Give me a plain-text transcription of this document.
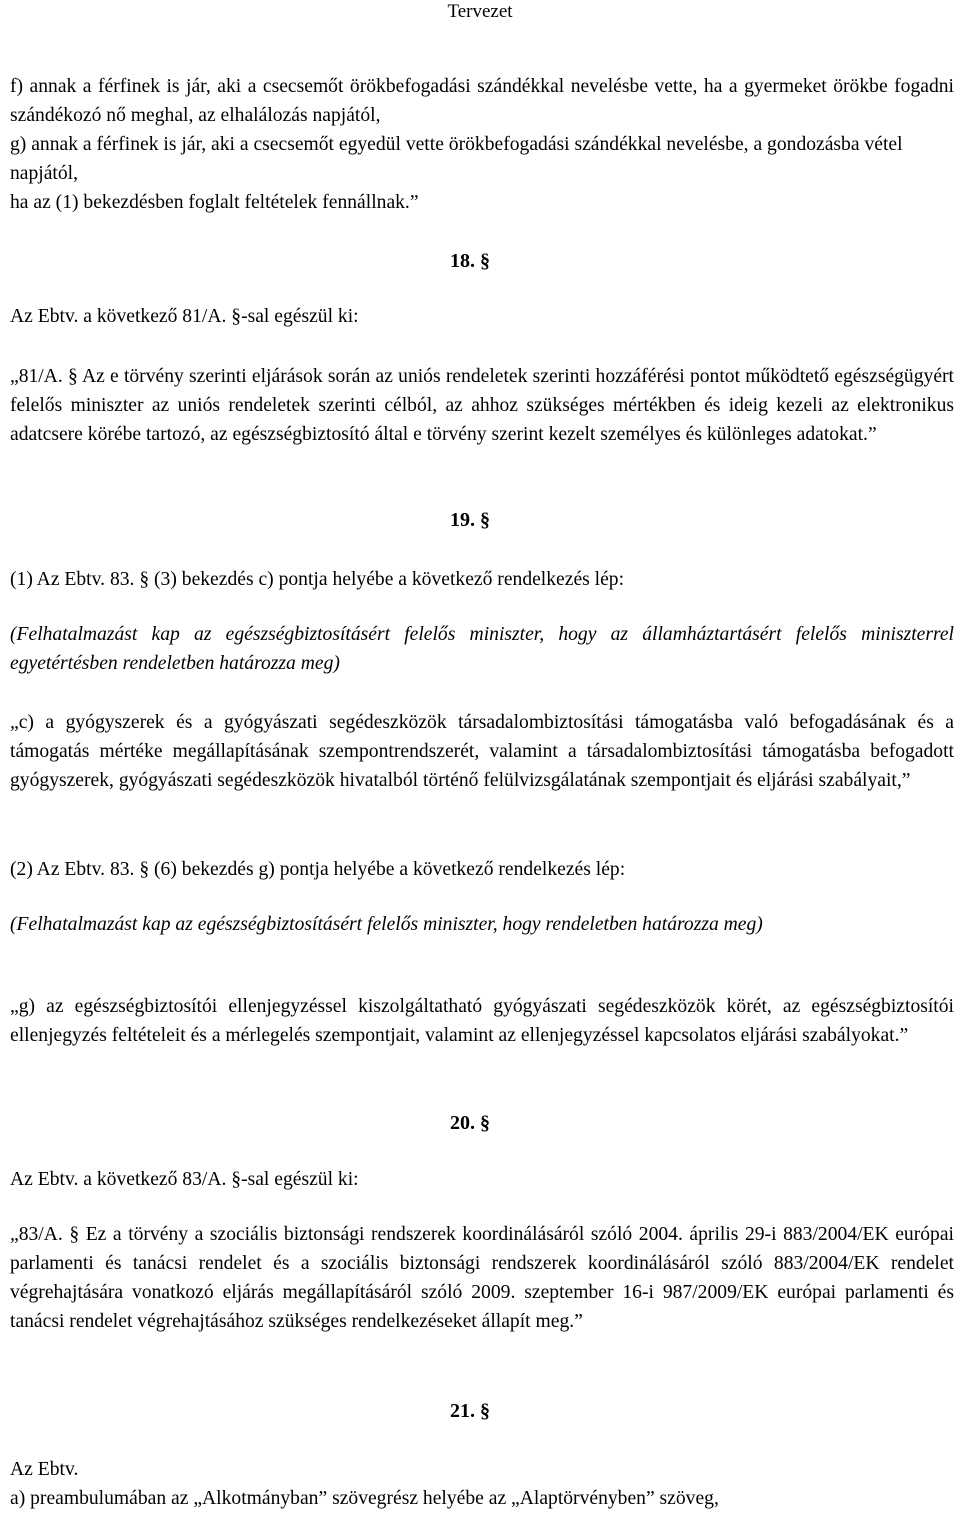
Tervezet
f) annak a férfinek is jár, aki a csecsemőt örökbefogadási szándékkal nevelésbe vette, ha a gyermeket örökbe fogadni szándékozó nő meghal, az elhalálozás napjától,
g) annak a férfinek is jár, aki a csecsemőt egyedül vette örökbefogadási szándékkal nevelésbe, a gondozásba vétel napjától,
ha az (1) bekezdésben foglalt feltételek fennállnak.”
18. §
Az Ebtv. a következő 81/A. §-sal egészül ki:
„81/A. § Az e törvény szerinti eljárások során az uniós rendeletek szerinti hozzáférési pontot működtető egészségügyért felelős miniszter az uniós rendeletek szerinti célból, az ahhoz szükséges mértékben és ideig kezeli az elektronikus adatcsere körébe tartozó, az egészségbiztosító által e törvény szerint kezelt személyes és különleges adatokat.”
19. §
(1) Az Ebtv. 83. § (3) bekezdés c) pontja helyébe a következő rendelkezés lép:
(Felhatalmazást kap az egészségbiztosításért felelős miniszter, hogy az államháztartásért felelős miniszterrel egyetértésben rendeletben határozza meg)
„c) a gyógyszerek és a gyógyászati segédeszközök társadalombiztosítási támogatásba való befogadásának és a támogatás mértéke megállapításának szempontrendszerét, valamint a társadalombiztosítási támogatásba befogadott gyógyszerek, gyógyászati segédeszközök hivatalból történő felülvizsgálatának szempontjait és eljárási szabályait,”
(2) Az Ebtv. 83. § (6) bekezdés g) pontja helyébe a következő rendelkezés lép:
(Felhatalmazást kap az egészségbiztosításért felelős miniszter, hogy rendeletben határozza meg)
„g) az egészségbiztosítói ellenjegyzéssel kiszolgáltatható gyógyászati segédeszközök körét, az egészségbiztosítói ellenjegyzés feltételeit és a mérlegelés szempontjait, valamint az ellenjegyzéssel kapcsolatos eljárási szabályokat.”
20. §
Az Ebtv. a következő 83/A. §-sal egészül ki:
„83/A. § Ez a törvény a szociális biztonsági rendszerek koordinálásáról szóló 2004. április 29-i 883/2004/EK európai parlamenti és tanácsi rendelet és a szociális biztonsági rendszerek koordinálásáról szóló 883/2004/EK rendelet végrehajtására vonatkozó eljárás megállapításáról szóló 2009. szeptember 16-i 987/2009/EK európai parlamenti és tanácsi rendelet végrehajtásához szükséges rendelkezéseket állapít meg.”
21. §
Az Ebtv.
a) preambulumában az „Alkotmányban” szövegrész helyébe az „Alaptörvényben” szöveg,
